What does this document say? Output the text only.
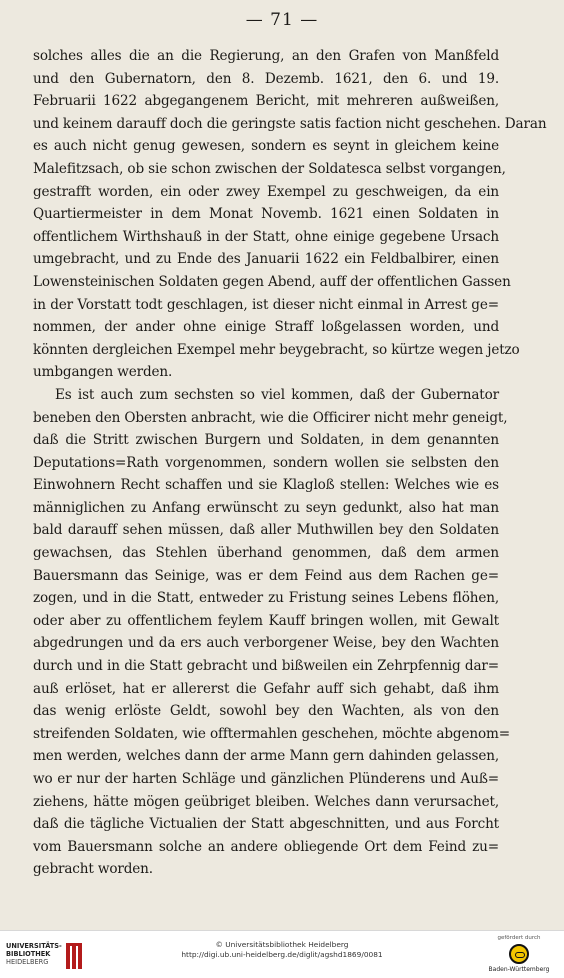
— 71 —
solches alles die an die Regierung, an den Grafen von Manßfeld
und den Gubernatorn, den 8. Dezemb. 1621, den 6. und 19.
Februarii 1622 abgegangenem Bericht, mit mehreren außweißen,
und keinem darauff doch die geringste satis faction nicht geschehen. Daran
es auch nicht genug gewesen, sondern es seynt in gleichem keine
Malefitzsach, ob sie schon zwischen der Soldatesca selbst vorgangen,
gestrafft worden, ein oder zwey Exempel zu geschweigen, da ein
Quartiermeister in dem Monat Novemb. 1621 einen Soldaten in
offentlichem Wirthshauß in der Statt, ohne einige gegebene Ursach
umgebracht, und zu Ende des Januarii 1622 ein Feldbalbirer, einen
Lowensteinischen Soldaten gegen Abend, auff der offentlichen Gassen
in der Vorstatt todt geschlagen, ist dieser nicht einmal in Arrest ge=
nommen, der ander ohne einige Straff loßgelassen worden, und
könnten dergleichen Exempel mehr beygebracht, so kürtze wegen jetzo
umbgangen werden.
Es ist auch zum sechsten so viel kommen, daß der Gubernator
beneben den Obersten anbracht, wie die Officirer nicht mehr geneigt,
daß die Stritt zwischen Burgern und Soldaten, in dem genannten
Deputations=Rath vorgenommen, sondern wollen sie selbsten den
Einwohnern Recht schaffen und sie Klagloß stellen: Welches wie es
männiglichen zu Anfang erwünscht zu seyn gedunkt, also hat man
bald darauff sehen müssen, daß aller Muthwillen bey den Soldaten
gewachsen, das Stehlen überhand genommen, daß dem armen
Bauersmann das Seinige, was er dem Feind aus dem Rachen ge=
zogen, und in die Statt, entweder zu Fristung seines Lebens flöhen,
oder aber zu offentlichem feylem Kauff bringen wollen, mit Gewalt
abgedrungen und da ers auch verborgener Weise, bey den Wachten
durch und in die Statt gebracht und bißweilen ein Zehrpfennig dar=
auß erlöset, hat er allererst die Gefahr auff sich gehabt, daß ihm
das wenig erlöste Geldt, sowohl bey den Wachten, als von den
streifenden Soldaten, wie offtermahlen geschehen, möchte abgenom=
men werden, welches dann der arme Mann gern dahinden gelassen,
wo er nur der harten Schläge und gänzlichen Plünderens und Auß=
ziehens, hätte mögen geübriget bleiben. Welches dann verursachet,
daß die tägliche Victualien der Statt abgeschnitten, und aus Forcht
vom Bauersmann solche an andere obliegende Ort dem Feind zu=
gebracht worden.
UNIVERSITÄTS-
BIBLIOTHEK
HEIDELBERG
© Universitätsbibliothek Heidelberg
http://digi.ub.uni-heidelberg.de/diglit/agshd1869/0081
gefördert durch
Baden-Württemberg
